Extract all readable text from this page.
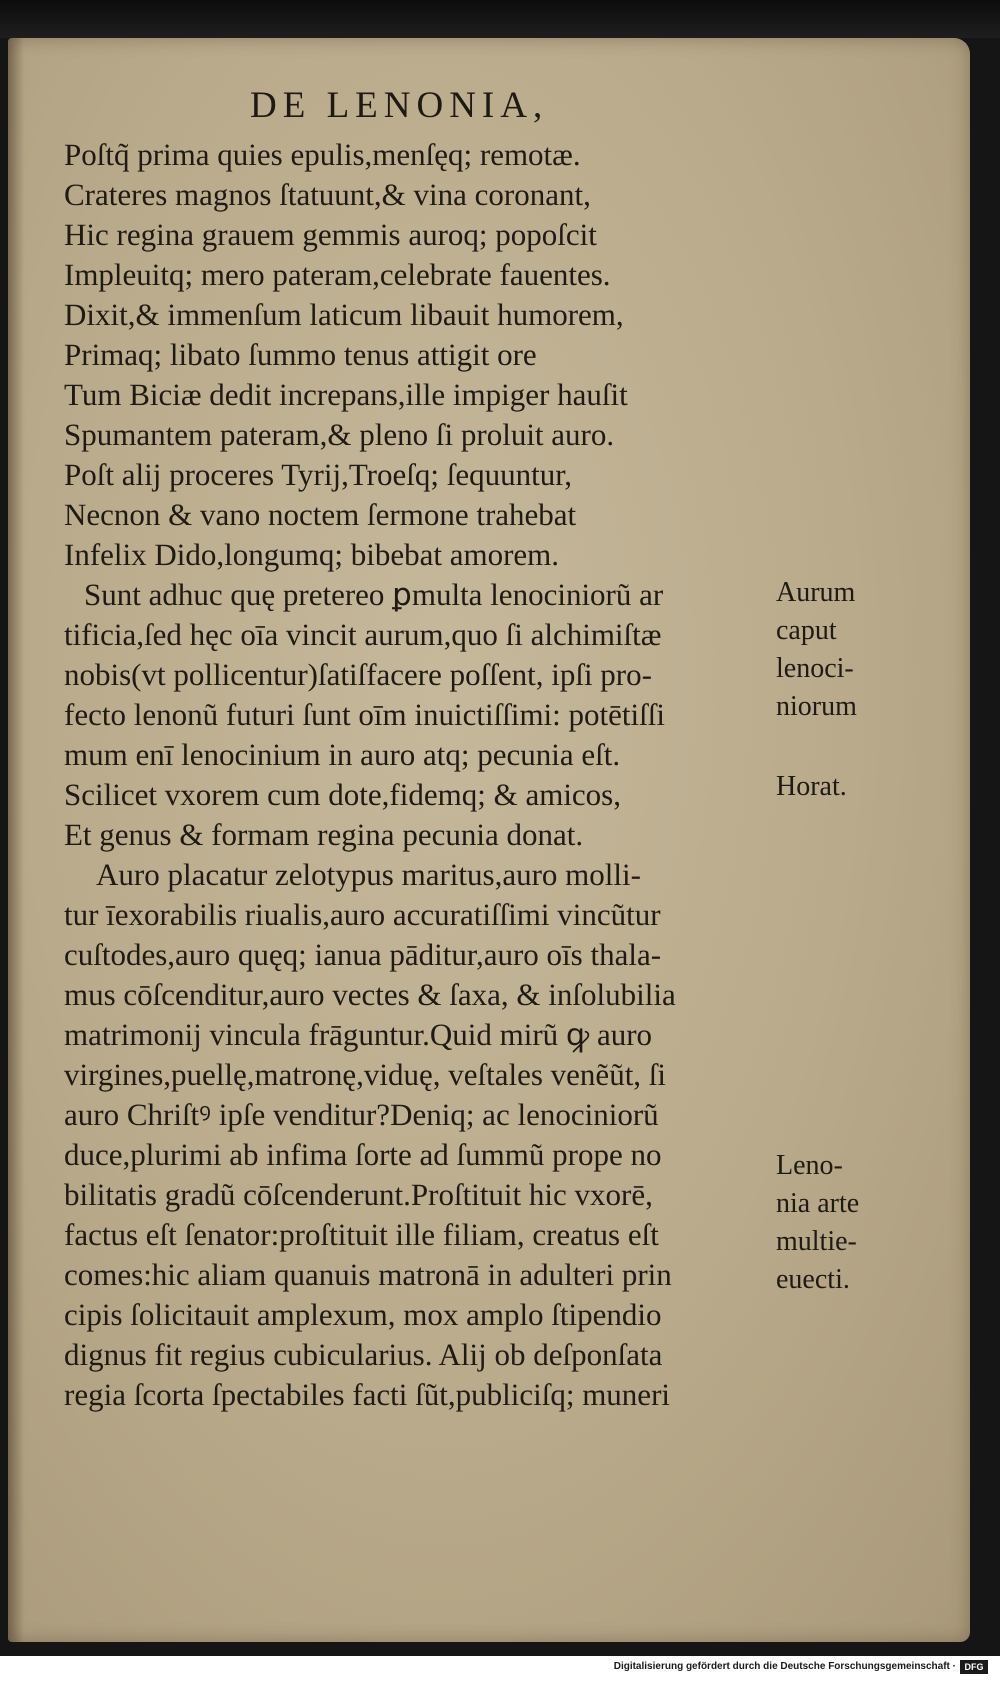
DE LENONIA,
Poſtq̃ prima quies epulis,menſęq; remotæ.
Crateres magnos ſtatuunt,& vina coronant,
Hic regina grauem gemmis auroq; popoſcit
Impleuitq; mero pateram,celebrate fauentes.
Dixit,& immenſum laticum libauit humorem,
Primaq; libato ſummo tenus attigit ore
Tum Biciæ dedit increpans,ille impiger hauſit
Spumantem pateram,& pleno ſi proluit auro.
Poſt alij proceres Tyrij,Troeſq; ſequuntur,
Necnon & vano noctem ſermone trahebat
Infelix Dido,longumq; bibebat amorem.
Sunt adhuc quę pretereo ꝑmulta lenociniorũ ar
tificia,ſed hęc oīa vincit aurum,quo ſi alchimiſtæ
nobis(vt pollicentur)ſatiſfacere poſſent, ipſi pro-
fecto lenonũ futuri ſunt oīm inuictiſſimi: potētiſſi
mum enī lenocinium in auro atq; pecunia eſt.
Scilicet vxorem cum dote,fidemq; & amicos,
Et genus & formam regina pecunia donat.
Auro placatur zelotypus maritus,auro molli-
tur īexorabilis riualis,auro accuratiſſimi vincũtur
cuſtodes,auro quęq; ianua pāditur,auro oīs thala-
mus cōſcenditur,auro vectes & ſaxa, & inſolubilia
matrimonij vincula frāguntur.Quid mirũ ꝙ auro
virgines,puellę,matronę,viduę, veſtales venẽũt, ſi
auro Chriſtꝰ ipſe venditur?Deniq; ac lenociniorũ
duce,plurimi ab infima ſorte ad ſummũ prope no
bilitatis gradũ cōſcenderunt.Proſtituit hic vxorē,
factus eſt ſenator:proſtituit ille filiam, creatus eſt
comes:hic aliam quanuis matronā in adulteri prin
cipis ſolicitauit amplexum, mox amplo ſtipendio
dignus fit regius cubicularius. Alij ob deſponſata
regia ſcorta ſpectabiles facti ſũt,publiciſq; muneri
Aurum
caput
lenoci-
niorum
Horat.
Leno-
nia arte
multie-
euecti.
Digitalisierung gefördert durch die Deutsche Forschungsgemeinschaft · DFG
